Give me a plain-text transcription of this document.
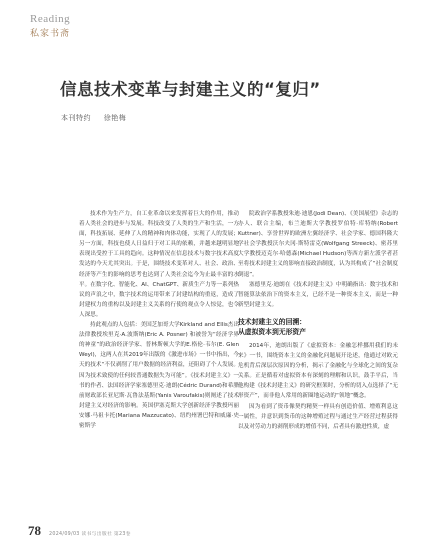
Reading
私家书斋
信息技术变革与封建主义的“复归”
本刊特约 徐艳梅

技术作为生产力，自工业革命以来发挥着巨大的作用，推动着人类社会的进步与发展。科技改变了人类的生产和生活，一方面，科技拓展、延伸了人的精神和肉体功能，实现了人的发展；另一方面，科技也使人日益归于对工具的依赖，并越来越明显地表现出受控于工具的趋向。这种情况在信息技术与数字技术高度发达的今天尤其突出。于是，围绕技术变革对人、社会、政治、经济等产生的影响的思考也达到了人类社会迄今为止最丰富的水平。在数字化、智能化、AI、ChatGPT、新质生产力等一系列热议的声浪之中，数字技术的运用带来了封建结构的重返，造成了封建权力的重构以及封建主义关系的行使的观点令人惊觉，也令人深思。

持此观点的人包括：美国芝加哥大学Kirkland and Ellis杰出法律教授埃里克·A.波斯纳(Eric A. Posner) 和被誉为“经济学界的神童”的政治经济学家、普林斯顿大学的E.格伦·韦尔(E. Glen Weyl)，这两人在其2019年出版的《激进市场》一书中指出，今天的技术“不仅剥削了用户数据的经济利益，还阻碍了个人发展。因为技术致使的任何较普通数据失为可能”。《技术封建主义》一书的作者、法国经济学家塞德里克·迪朗(Cédric Durand)和希腊前财政部长亚尼斯·瓦鲁法基斯(Yanis Varoufakis)则阐述了技术封建主义对经济的影响。英国伊塞克斯大学创新经济学教授玛丽安娜·马祖卡托(Mariana Mazzucato)、纽约州署巴特和威廉·史密斯学

院政治学系教授朱迪·迪恩(Jodi Dean)、《美国展望》杂志的办人、联合主编，布兰迪斯大学教授罗伯特·库特纳(Robert Kuttner)、享誉世界的欧洲左翼经济学、社会学家、德国科隆大学社会学教授沃尔夫冈·斯特雷克(Wolfgang Streeck)、密苏里大学教授迈克尔·哈德森(Michael Hudson)等西方新左派学者甚至将技术封建主义的影响直接政治制度，认为其构成了“社会制度倒退”。

塞德里克·迪朗在《技术封建主义》中明确指出：数字技术和智能算法依治下的资本主义，已经不是一种资本主义，而是一种新型封建主义。

技术封建主义的回溯：
从虚拟资本到无形资产

2014年，迪朗出版了《虚拟资本：金融怎样挪用我们的未来》一书，围绕资本主义的金融化问题展开论述，他通过对欧元危机背后深层次原因的分析，揭示了金融化与全球化之间的复杂关系。正是循着对虚拟资本有深刻的理解和认识，鼓手平后，当他构建《技术封建主义》的研究框架时，分析的切入点选择了“无形资产”，而非他人常用的新圈地运动的“领地”概念。

因为看到了资币像契约精契一样具有创造价值、增殖利息这一属性，并意识到货币的这种增殖过程与通过生产经营过程获得以及对劳动力的剥削形成的增值不同，后者具有激进性质，虚

78 2024/09/03 读书与出版社 第23卷
